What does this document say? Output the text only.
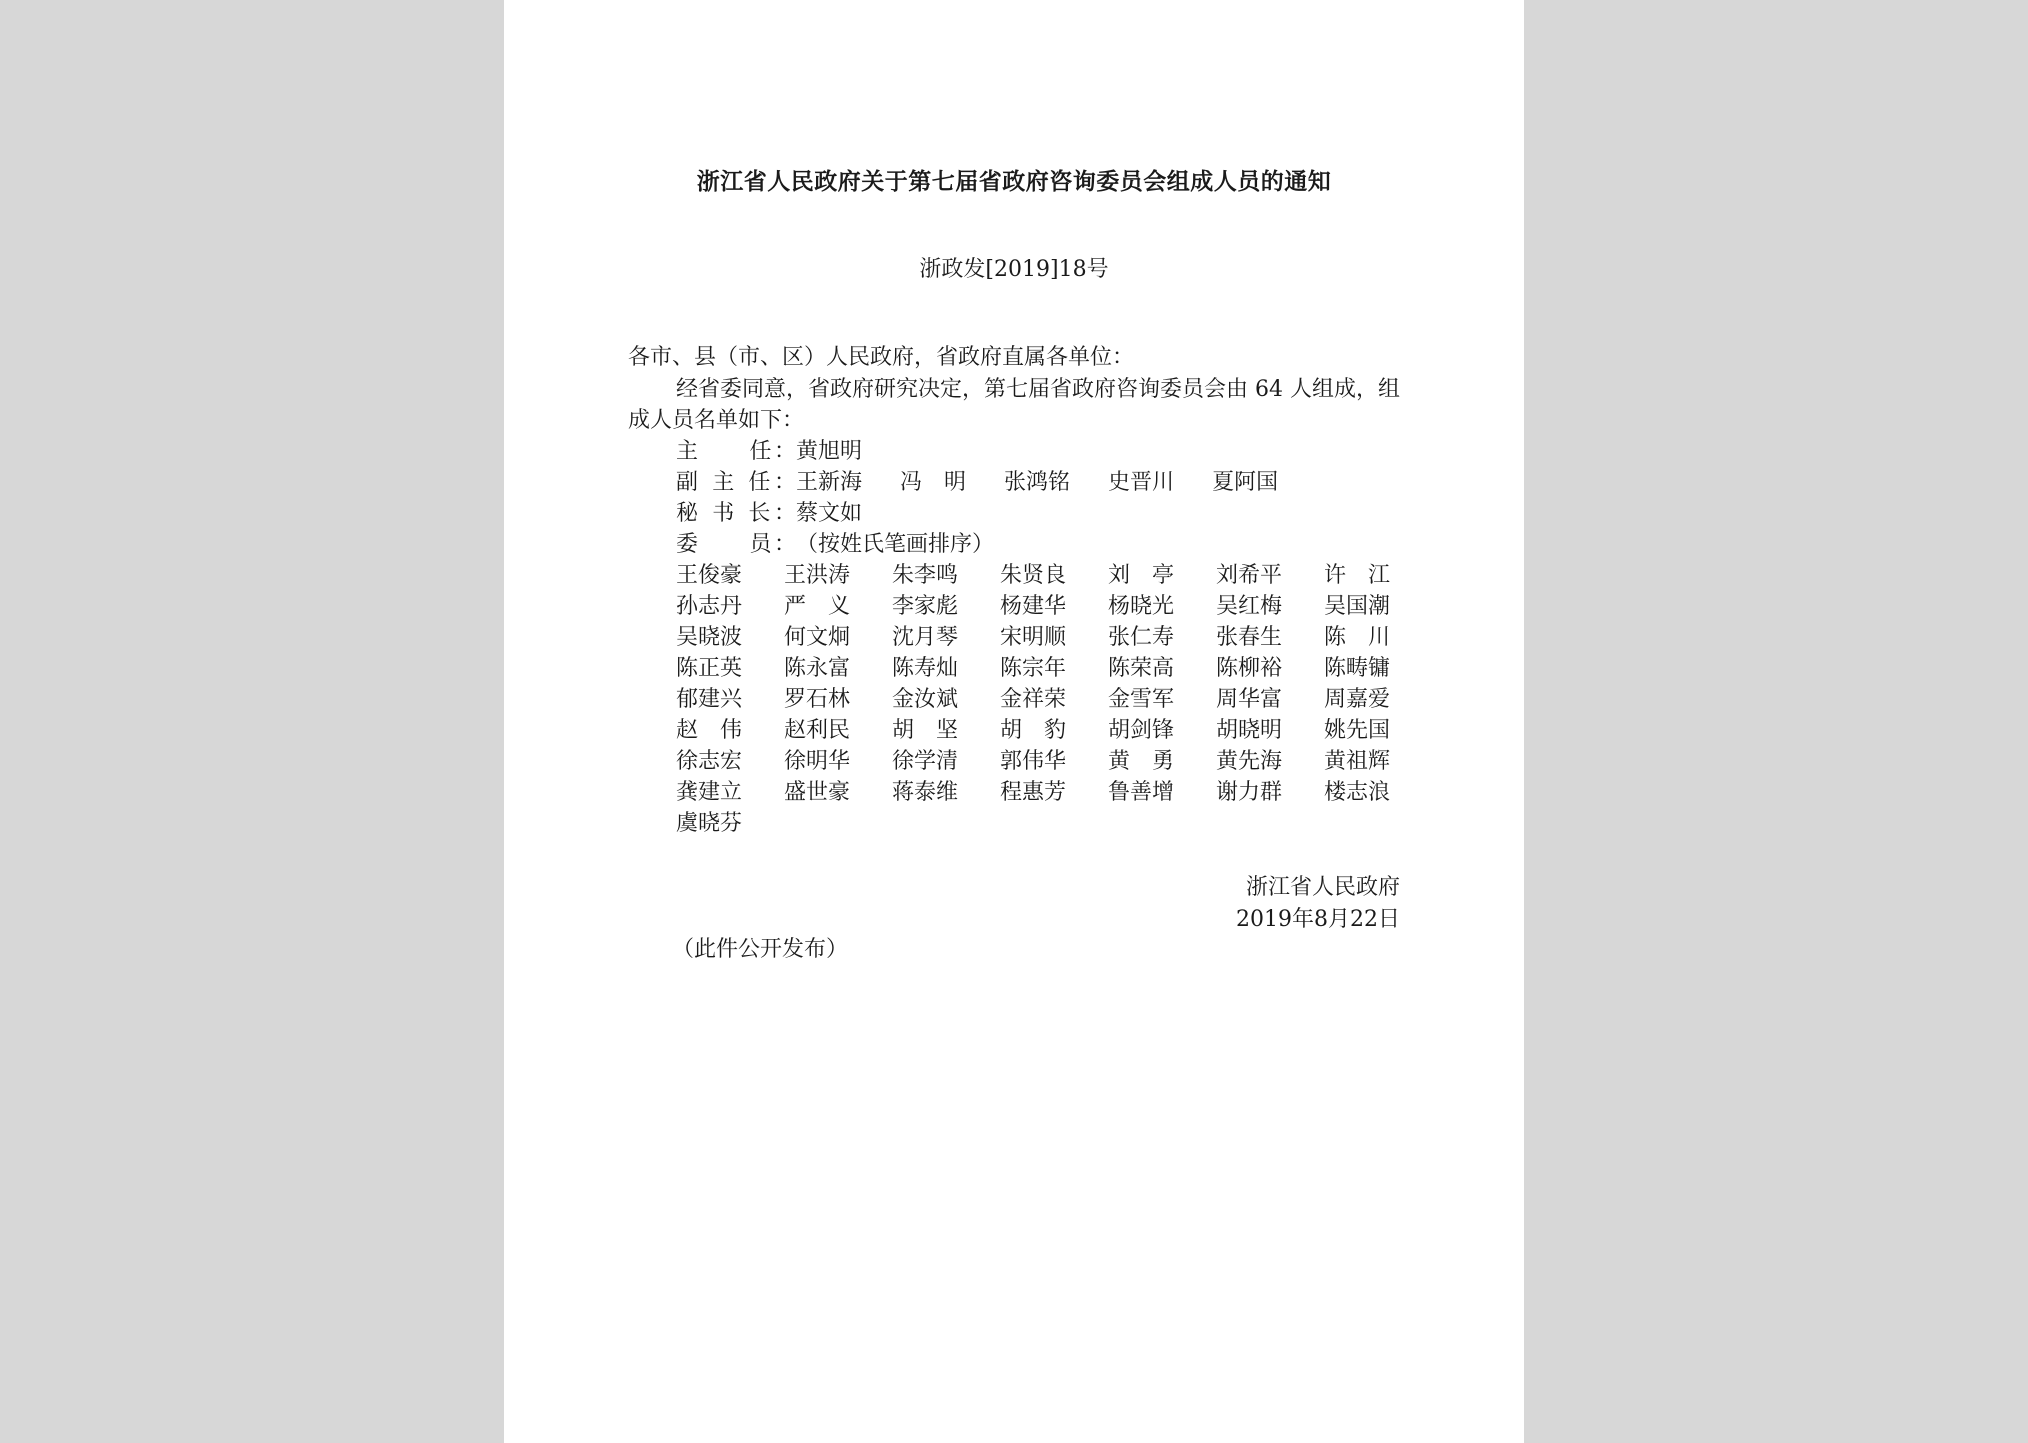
浙江省人民政府关于第七届省政府咨询委员会组成人员的通知
浙政发[2019]18号
各市、县（市、区）人民政府，省政府直属各单位：
经省委同意，省政府研究决定，第七届省政府咨询委员会由 64 人组成，组成人员名单如下：
主　　任： 黄旭明
副 主 任： 王新海 冯　明 张鸿铭 史晋川 夏阿国
秘 书 长： 蔡文如
委　　员： （按姓氏笔画排序）
王俊豪	王洪涛	朱李鸣	朱贤良	刘　亭	刘希平	许　江
孙志丹	严　义	李家彪	杨建华	杨晓光	吴红梅	吴国潮
吴晓波	何文炯	沈月琴	宋明顺	张仁寿	张春生	陈　川
陈正英	陈永富	陈寿灿	陈宗年	陈荣高	陈柳裕	陈畴镛
郁建兴	罗石林	金汝斌	金祥荣	金雪军	周华富	周嘉爱
赵　伟	赵利民	胡　坚	胡　豹	胡剑锋	胡晓明	姚先国
徐志宏	徐明华	徐学清	郭伟华	黄　勇	黄先海	黄祖辉
龚建立	盛世豪	蒋泰维	程惠芳	鲁善增	谢力群	楼志浪
虞晓芬
浙江省人民政府
2019年8月22日
（此件公开发布）
